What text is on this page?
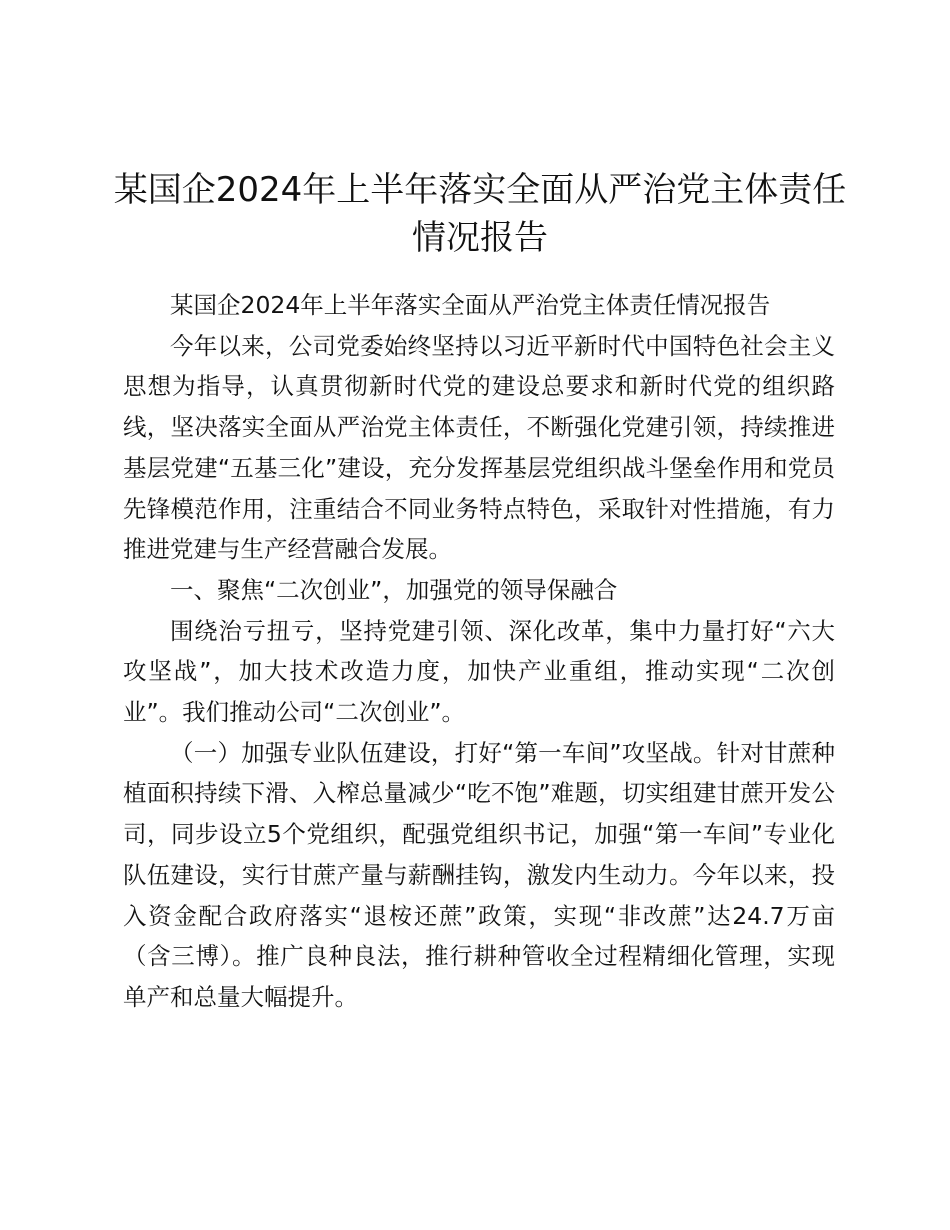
某国企2024年上半年落实全面从严治党主体责任情况报告

某国企2024年上半年落实全面从严治党主体责任情况报告

今年以来，公司党委始终坚持以习近平新时代中国特色社会主义思想为指导，认真贯彻新时代党的建设总要求和新时代党的组织路线，坚决落实全面从严治党主体责任，不断强化党建引领，持续推进基层党建“五基三化”建设，充分发挥基层党组织战斗堡垒作用和党员先锋模范作用，注重结合不同业务特点特色，采取针对性措施，有力推进党建与生产经营融合发展。

一、聚焦“二次创业”，加强党的领导保融合

围绕治亏扭亏，坚持党建引领、深化改革，集中力量打好“六大攻坚战”，加大技术改造力度，加快产业重组，推动实现“二次创业”。我们推动公司“二次创业”。

（一）加强专业队伍建设，打好“第一车间”攻坚战。针对甘蔗种植面积持续下滑、入榨总量减少“吃不饱”难题，切实组建甘蔗开发公司，同步设立5个党组织，配强党组织书记，加强“第一车间”专业化队伍建设，实行甘蔗产量与薪酬挂钩，激发内生动力。今年以来，投入资金配合政府落实“退桉还蔗”政策，实现“非改蔗”达24.7万亩（含三博）。推广良种良法，推行耕种管收全过程精细化管理，实现单产和总量大幅提升。
